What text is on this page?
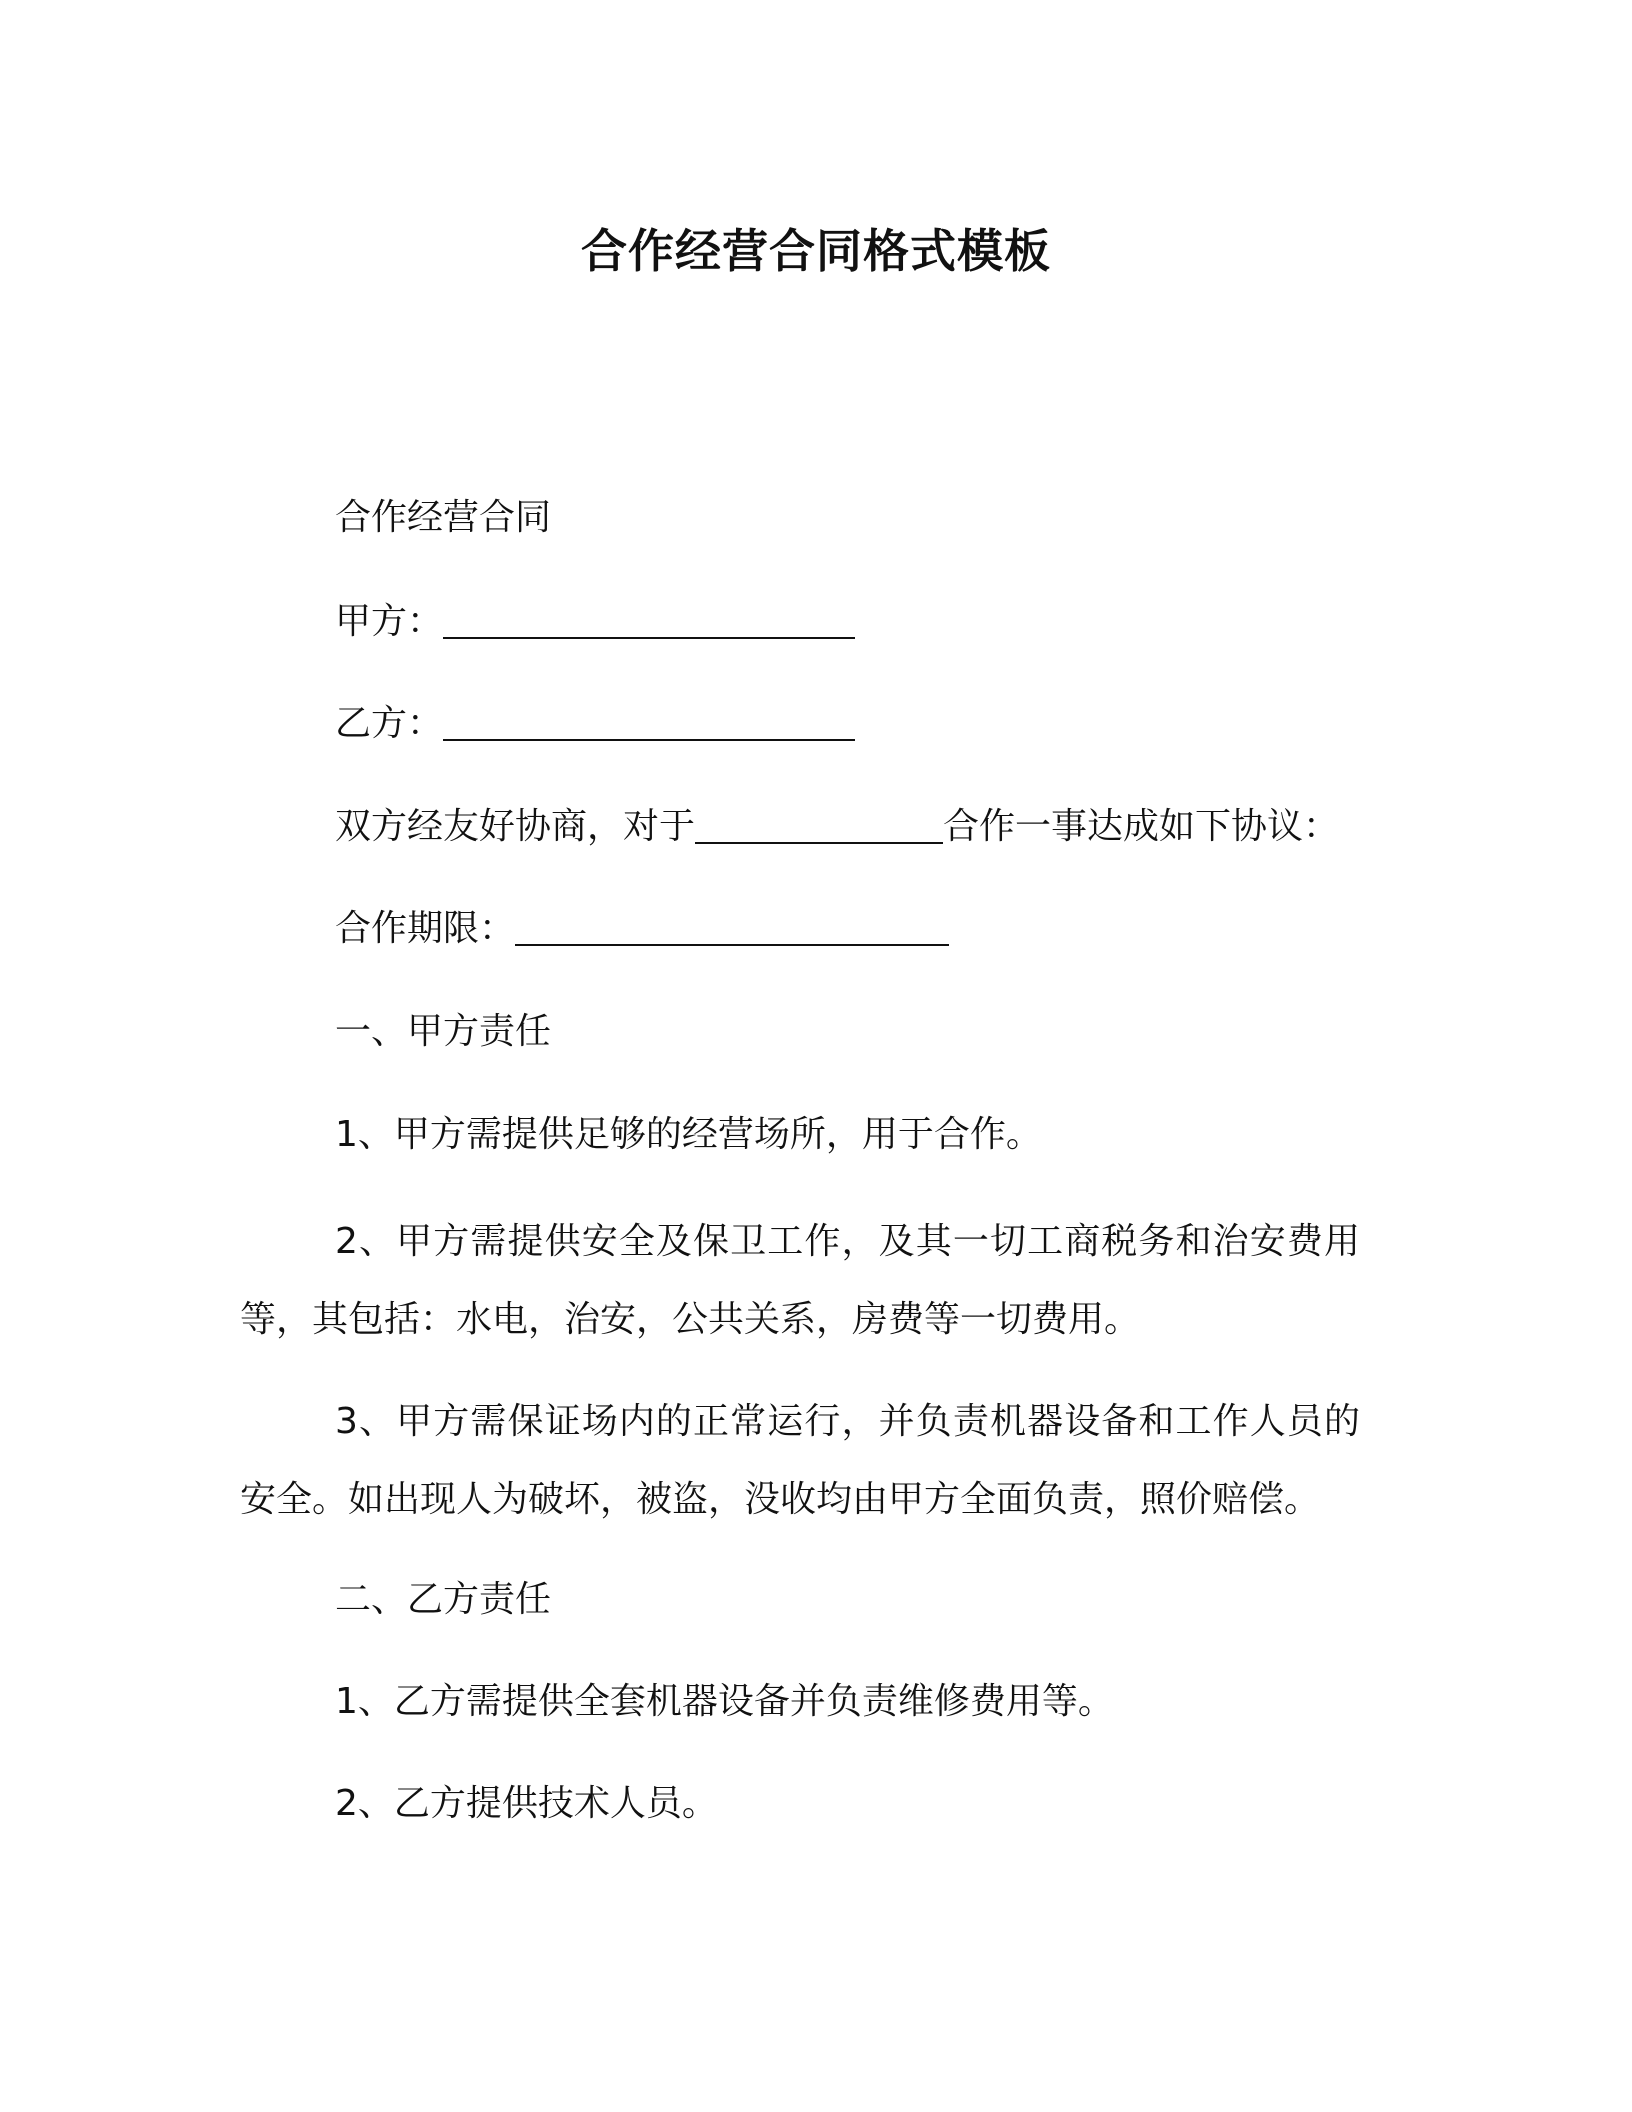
合作经营合同格式模板
合作经营合同
甲方：
乙方：
双方经友好协商，对于	合作一事达成如下协议：
合作期限：
一、甲方责任
1、甲方需提供足够的经营场所，用于合作。
2、甲方需提供安全及保卫工作，及其一切工商税务和治安费用等，其包括：水电，治安，公共关系，房费等一切费用。
3、甲方需保证场内的正常运行，并负责机器设备和工作人员的安全。如出现人为破坏，被盗，没收均由甲方全面负责，照价赔偿。
二、乙方责任
1、乙方需提供全套机器设备并负责维修费用等。
2、乙方提供技术人员。
